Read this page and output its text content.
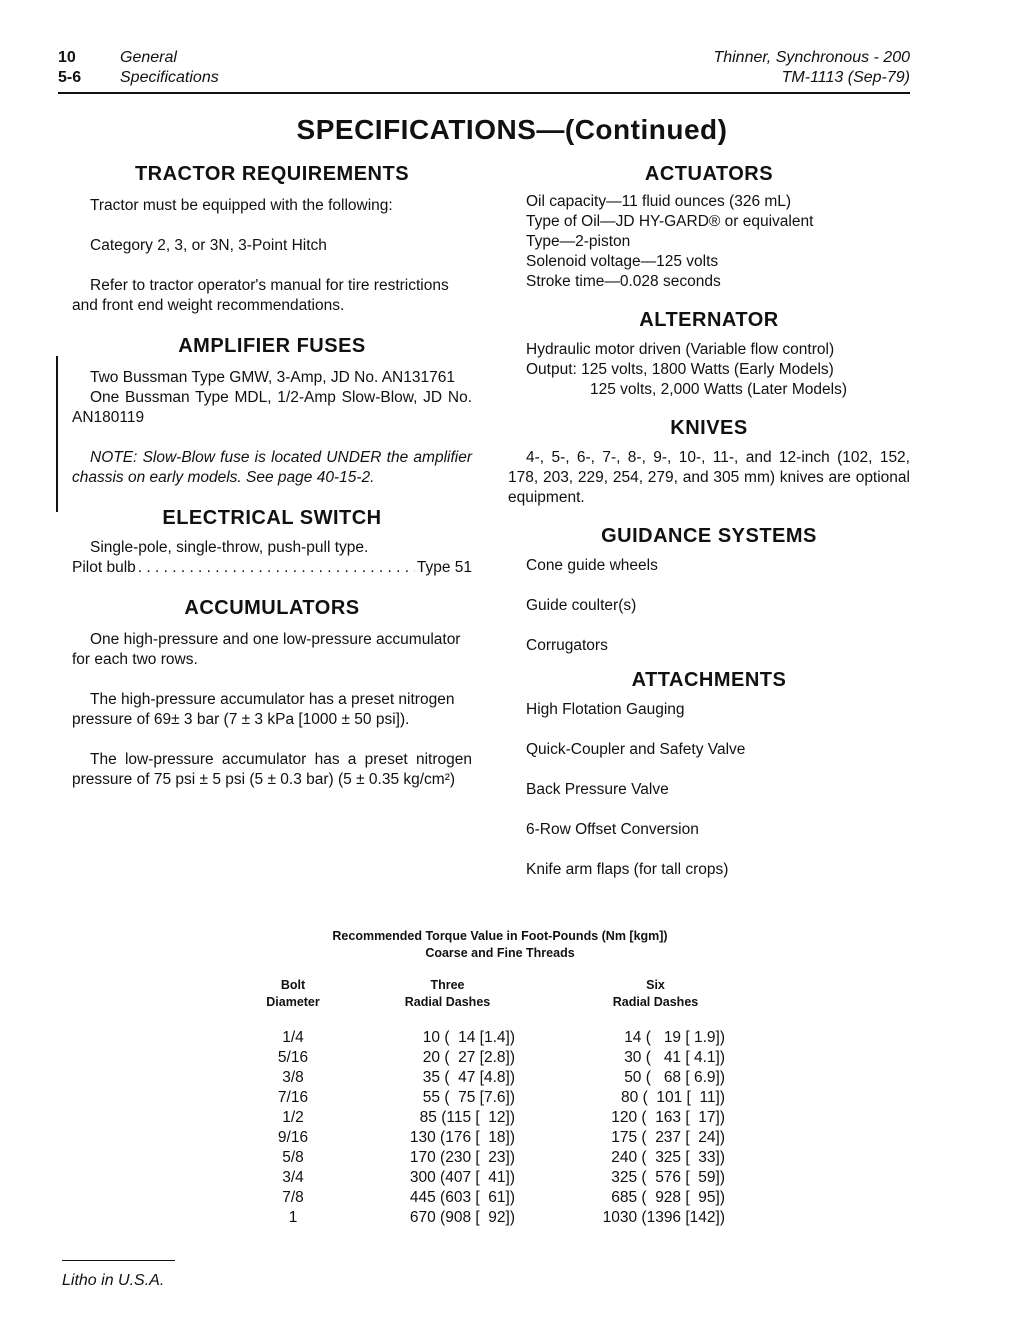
10	General
5-6 Specifications
Thinner, Synchronous - 200
TM-1113 (Sep-79)
SPECIFICATIONS—(Continued)
TRACTOR REQUIREMENTS

Tractor must be equipped with the following:

Category 2, 3, or 3N, 3-Point Hitch

Refer to tractor operator's manual for tire restrictions and front end weight recommendations.

AMPLIFIER FUSES

Two Bussman Type GMW, 3-Amp, JD No. AN131761

One Bussman Type MDL, 1/2-Amp Slow-Blow, JD No. AN180119

NOTE: Slow-Blow fuse is located UNDER the amplifier chassis on early models. See page 40-15-2.

ELECTRICAL SWITCH

Single-pole, single-throw, push-pull type.

Pilot bulb
. . .	Type 51
ACCUMULATORS

One high-pressure and one low-pressure accumulator for each two rows.

The high-pressure accumulator has a preset nitrogen pressure of 69± 3 bar (7 ± 3 kPa [1000 ± 50 psi]).

The low-pressure accumulator has a preset nitrogen pressure of 75 psi ± 5 psi (5 ± 0.3 bar) (5 ± 0.35 kg/cm²)

ACTUATORS
Oil capacity—11 fluid ounces (326 mL)
Type of Oil—JD HY-GARD® or equivalent
Type—2-piston
Solenoid voltage—125 volts
Stroke time—0.028 seconds
ALTERNATOR
Hydraulic motor driven (Variable flow control)
Output: 125 volts, 1800 Watts (Early Models)
125 volts, 2,000 Watts (Later Models)
KNIVES

4-, 5-, 6-, 7-, 8-, 9-, 10-, 11-, and 12-inch (102, 152, 178, 203, 229, 254, 279, and 305 mm) knives are optional equipment.

GUIDANCE SYSTEMS
Cone guide wheels
Guide coulter(s)
Corrugators
ATTACHMENTS
High Flotation Gauging
Quick-Coupler and Safety Valve
Back Pressure Valve
6-Row Offset Conversion
Knife arm flaps (for tall crops)
Recommended Torque Value in Foot-Pounds (Nm [kgm])
Coarse and Fine Threads
Bolt
Diameter
Three
Radial Dashes
Six
Radial Dashes
1/4	10 (  14 [1.4])	14 (   19 [ 1.9])
5/16	20 (  27 [2.8])	30 (   41 [ 4.1])
3/8	35 (  47 [4.8])	50 (   68 [ 6.9])
7/16	55 (  75 [7.6])	80 (  101 [  11])
1/2	85 (115 [  12])	120 (  163 [  17])
9/16	130 (176 [  18])	175 (  237 [  24])
5/8	170 (230 [  23])	240 (  325 [  33])
3/4	300 (407 [  41])	325 (  576 [  59])
7/8	445 (603 [  61])	685 (  928 [  95])
1	670 (908 [  92])	1030 (1396 [142])
Litho in U.S.A.
